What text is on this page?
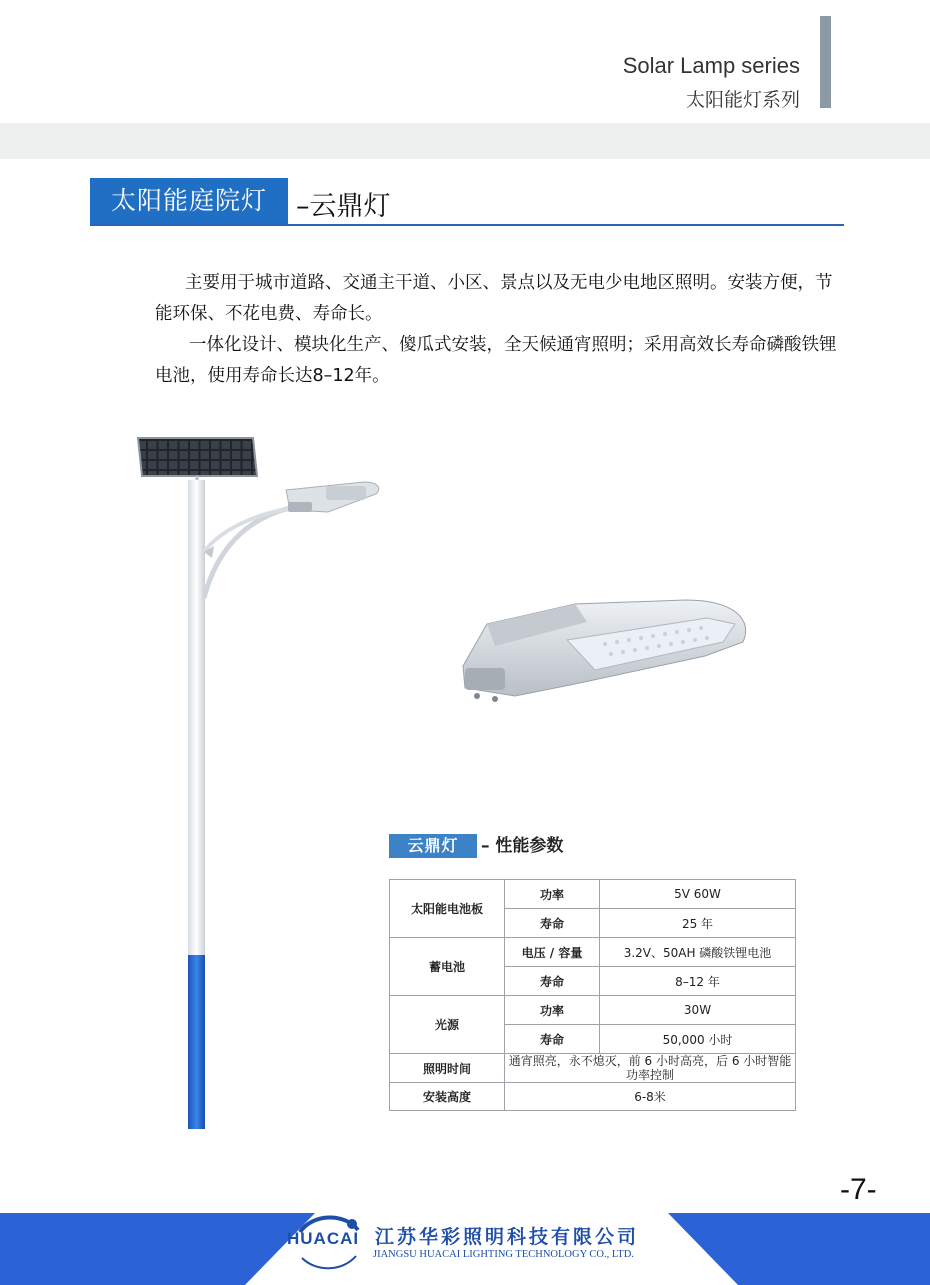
Solar Lamp series
太阳能灯系列
太阳能庭院灯	–云鼎灯

主要用于城市道路、交通主干道、小区、景点以及无电少电地区照明。安装方便，节能环保、不花电费、寿命长。

一体化设计、模块化生产、傻瓜式安装，全天候通宵照明；采用高效长寿命磷酸铁锂电池，使用寿命长达8–12年。

云鼎灯	– 性能参数
太阳能电池板	功率	5V 60W
	寿命	25 年
蓄电池	电压 / 容量	3.2V、50AH 磷酸铁锂电池
	寿命	8–12 年
光源	功率	30W
	寿命	50,000 小时
照明时间	通宵照亮，永不熄灭，前 6 小时高亮，后 6 小时智能功率控制	
安装高度	6-8米	
-7-
HUACAI 江苏华彩照明科技有限公司
JIANGSU HUACAI LIGHTING TECHNOLOGY CO., LTD.
